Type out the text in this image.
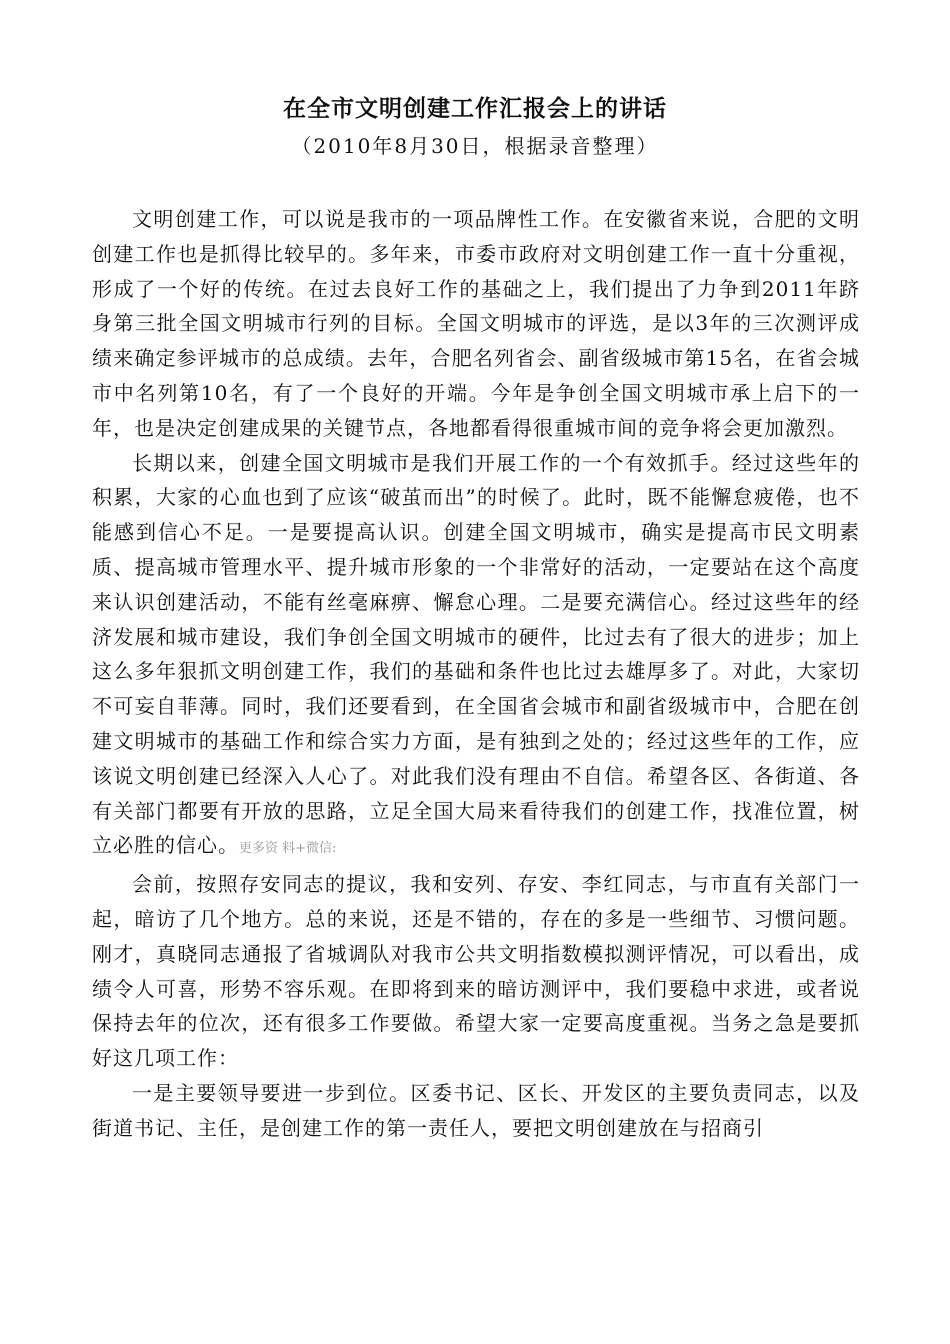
在全市文明创建工作汇报会上的讲话
（2010年8月30日，根据录音整理）

文明创建工作，可以说是我市的一项品牌性工作。在安徽省来说，合肥的文明创建工作也是抓得比较早的。多年来，市委市政府对文明创建工作一直十分重视，形成了一个好的传统。在过去良好工作的基础之上，我们提出了力争到2011年跻身第三批全国文明城市行列的目标。全国文明城市的评选，是以3年的三次测评成绩来确定参评城市的总成绩。去年，合肥名列省会、副省级城市第15名，在省会城市中名列第10名，有了一个良好的开端。今年是争创全国文明城市承上启下的一年，也是决定创建成果的关键节点，各地都看得很重城市间的竞争将会更加激烈。

长期以来，创建全国文明城市是我们开展工作的一个有效抓手。经过这些年的积累，大家的心血也到了应该“破茧而出”的时候了。此时，既不能懈怠疲倦，也不能感到信心不足。一是要提高认识。创建全国文明城市，确实是提高市民文明素质、提高城市管理水平、提升城市形象的一个非常好的活动，一定要站在这个高度来认识创建活动，不能有丝毫麻痹、懈怠心理。二是要充满信心。经过这些年的经济发展和城市建设，我们争创全国文明城市的硬件，比过去有了很大的进步；加上这么多年狠抓文明创建工作，我们的基础和条件也比过去雄厚多了。对此，大家切不可妄自菲薄。同时，我们还要看到，在全国省会城市和副省级城市中，合肥在创建文明城市的基础工作和综合实力方面，是有独到之处的；经过这些年的工作，应该说文明创建已经深入人心了。对此我们没有理由不自信。希望各区、各街道、各有关部门都要有开放的思路，立足全国大局来看待我们的创建工作，找准位置，树立必胜的信心。更多资 料+微信:

会前，按照存安同志的提议，我和安列、存安、李红同志，与市直有关部门一起，暗访了几个地方。总的来说，还是不错的，存在的多是一些细节、习惯问题。刚才，真晓同志通报了省城调队对我市公共文明指数模拟测评情况，可以看出，成绩令人可喜，形势不容乐观。在即将到来的暗访测评中，我们要稳中求进，或者说保持去年的位次，还有很多工作要做。希望大家一定要高度重视。当务之急是要抓好这几项工作：

一是主要领导要进一步到位。区委书记、区长、开发区的主要负责同志，以及街道书记、主任，是创建工作的第一责任人，要把文明创建放在与招商引
